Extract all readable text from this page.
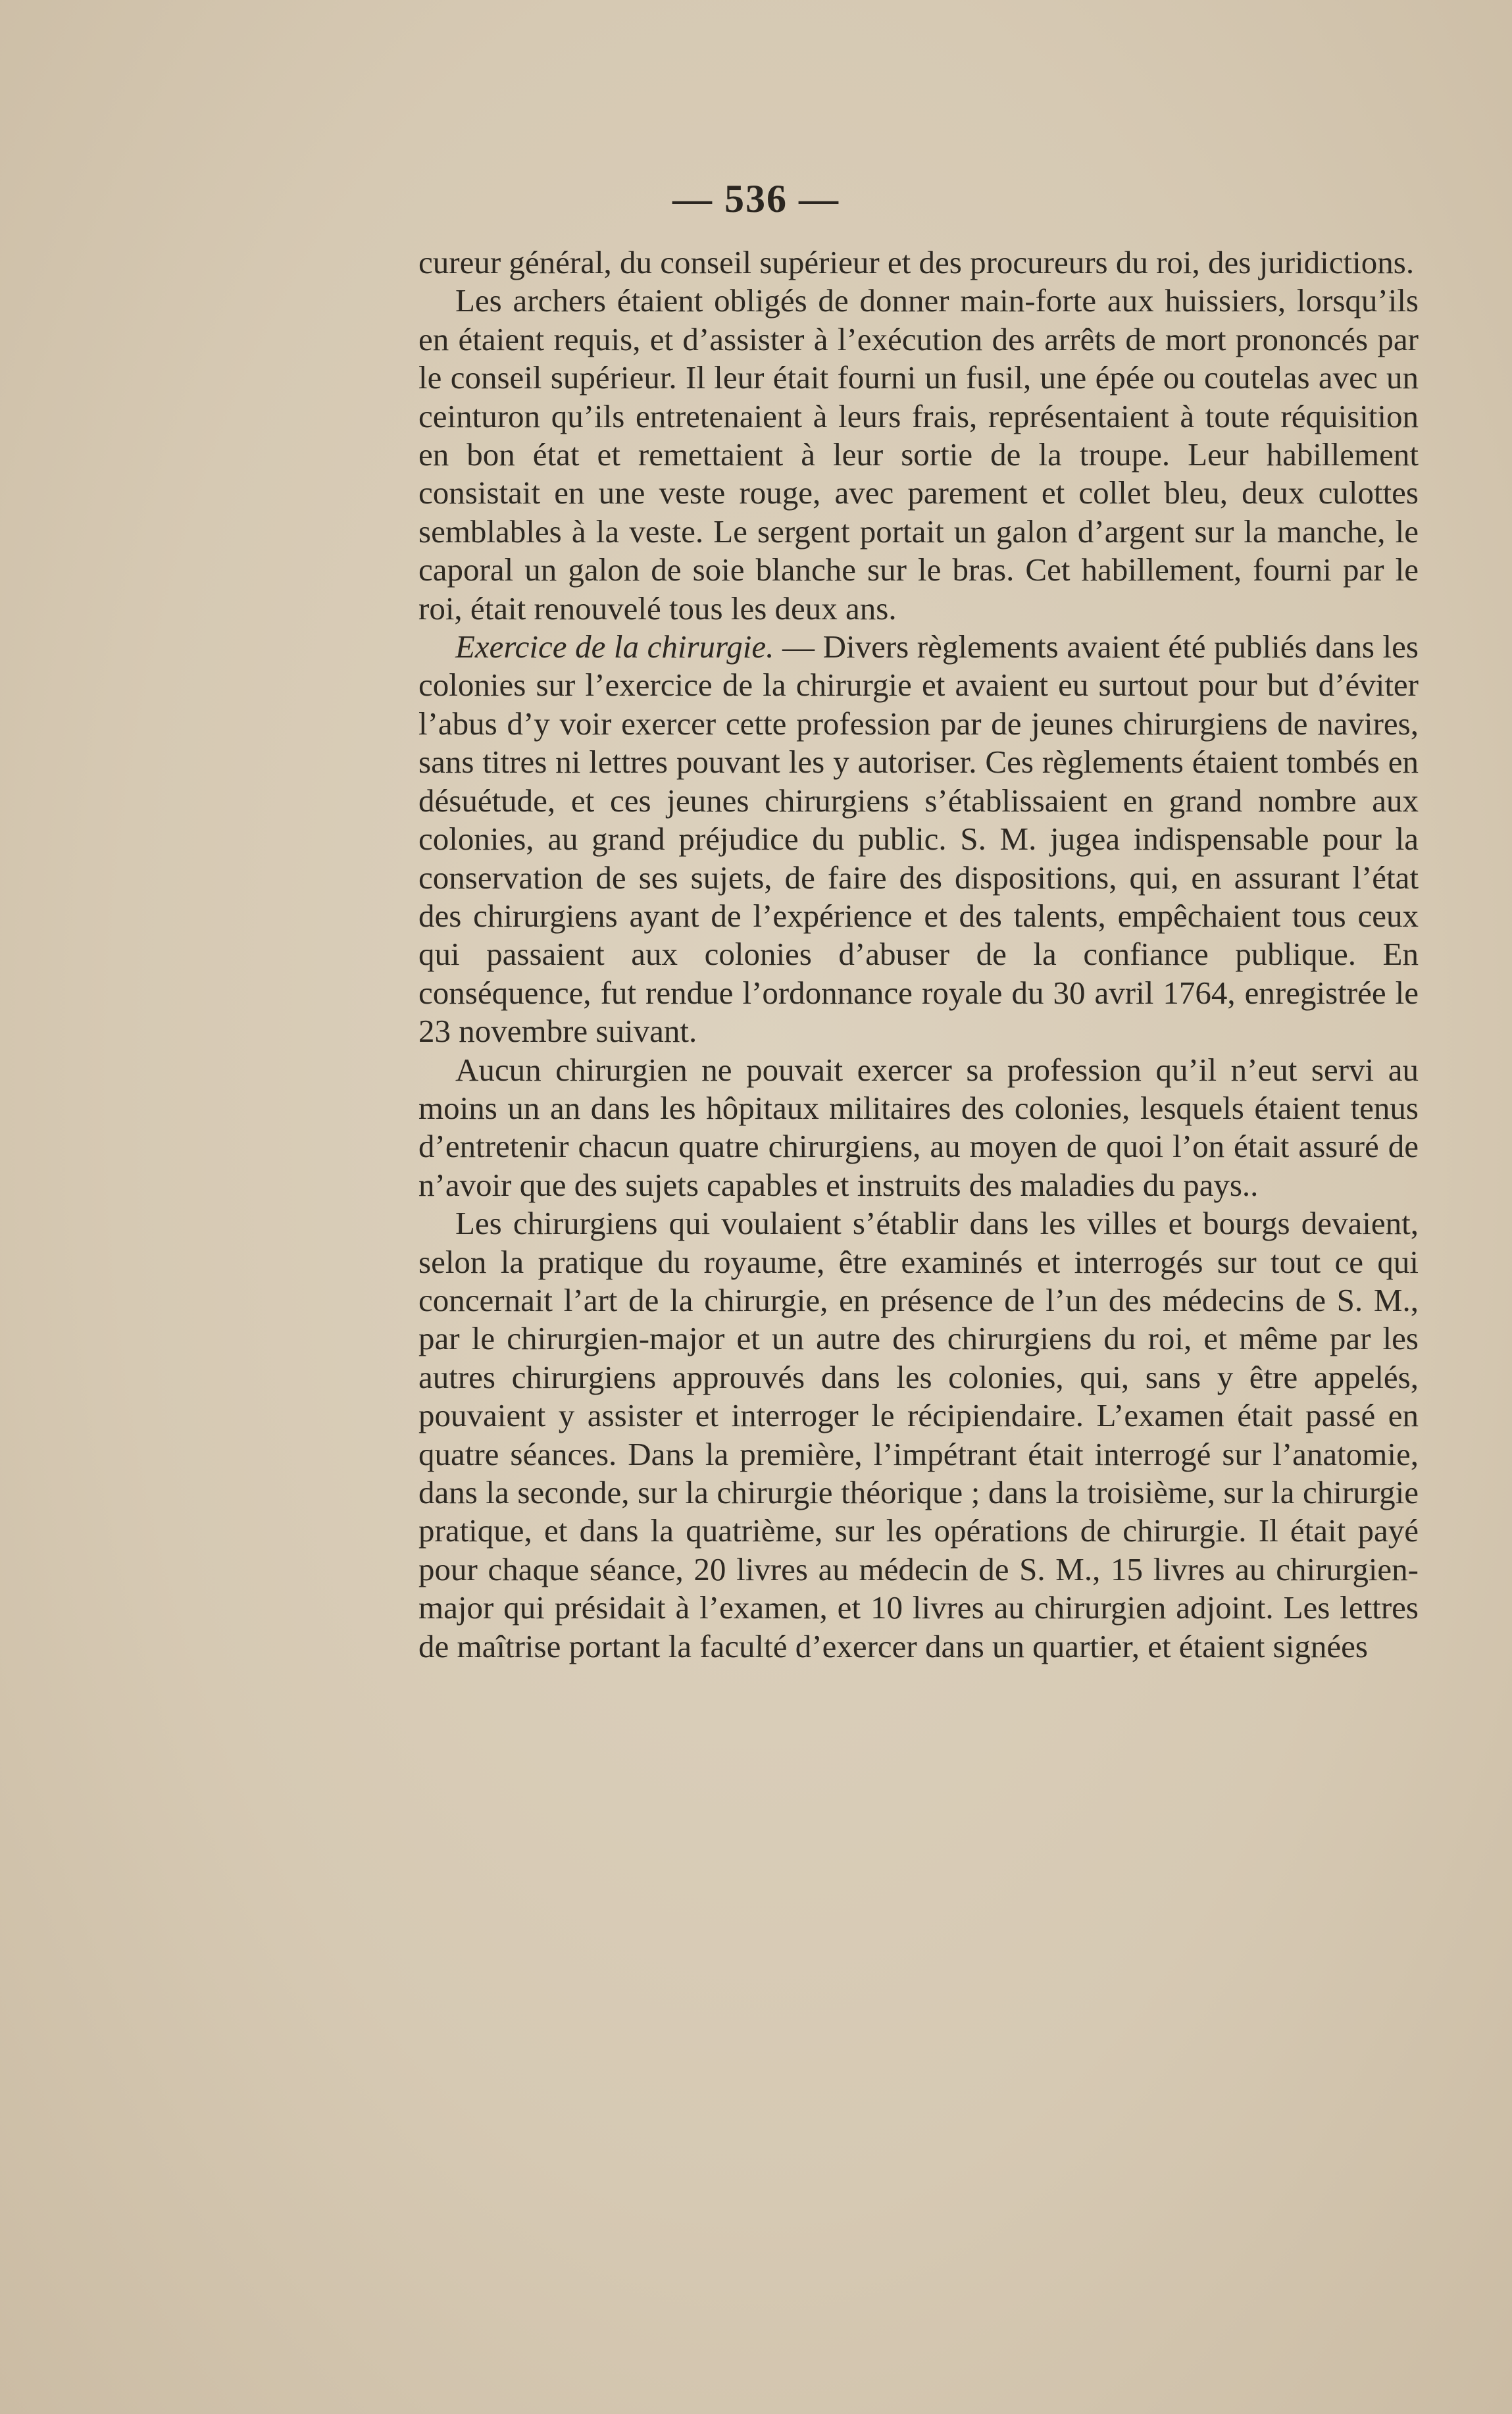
— 536 —

cureur général, du conseil supérieur et des procureurs du roi, des juridictions.

Les archers étaient obligés de donner main-forte aux huissiers, lorsqu’ils en étaient requis, et d’assister à l’exécution des arrêts de mort prononcés par le conseil supérieur. Il leur était fourni un fusil, une épée ou coutelas avec un ceinturon qu’ils entretenaient à leurs frais, représentaient à toute réquisition en bon état et remettaient à leur sortie de la troupe. Leur habillement consistait en une veste rouge, avec parement et collet bleu, deux culottes semblables à la veste. Le sergent portait un galon d’argent sur la manche, le caporal un galon de soie blanche sur le bras. Cet habillement, fourni par le roi, était renouvelé tous les deux ans.

Exercice de la chirurgie. — Divers règlements avaient été publiés dans les colonies sur l’exercice de la chirurgie et avaient eu surtout pour but d’éviter l’abus d’y voir exercer cette profession par de jeunes chirurgiens de navires, sans titres ni lettres pouvant les y autoriser. Ces règlements étaient tombés en désuétude, et ces jeunes chirurgiens s’établissaient en grand nombre aux colonies, au grand préjudice du public. S. M. jugea indispensable pour la conservation de ses sujets, de faire des dispositions, qui, en assurant l’état des chirurgiens ayant de l’expérience et des talents, empêchaient tous ceux qui passaient aux colonies d’abuser de la confiance publique. En conséquence, fut rendue l’ordonnance royale du 30 avril 1764, enregistrée le 23 novembre suivant.

Aucun chirurgien ne pouvait exercer sa profession qu’il n’eut servi au moins un an dans les hôpitaux militaires des colonies, lesquels étaient tenus d’entretenir chacun quatre chirurgiens, au moyen de quoi l’on était assuré de n’avoir que des sujets capables et instruits des maladies du pays..

Les chirurgiens qui voulaient s’établir dans les villes et bourgs devaient, selon la pratique du royaume, être examinés et interrogés sur tout ce qui concernait l’art de la chirurgie, en présence de l’un des médecins de S. M., par le chirurgien-major et un autre des chirurgiens du roi, et même par les autres chirurgiens approuvés dans les colonies, qui, sans y être appelés, pouvaient y assister et interroger le récipiendaire. L’examen était passé en quatre séances. Dans la première, l’impétrant était interrogé sur l’anatomie, dans la seconde, sur la chirurgie théorique ; dans la troisième, sur la chirurgie pratique, et dans la quatrième, sur les opérations de chirurgie. Il était payé pour chaque séance, 20 livres au médecin de S. M., 15 livres au chirurgien-major qui présidait à l’examen, et 10 livres au chirurgien adjoint. Les lettres de maîtrise portant la faculté d’exercer dans un quartier, et étaient signées
